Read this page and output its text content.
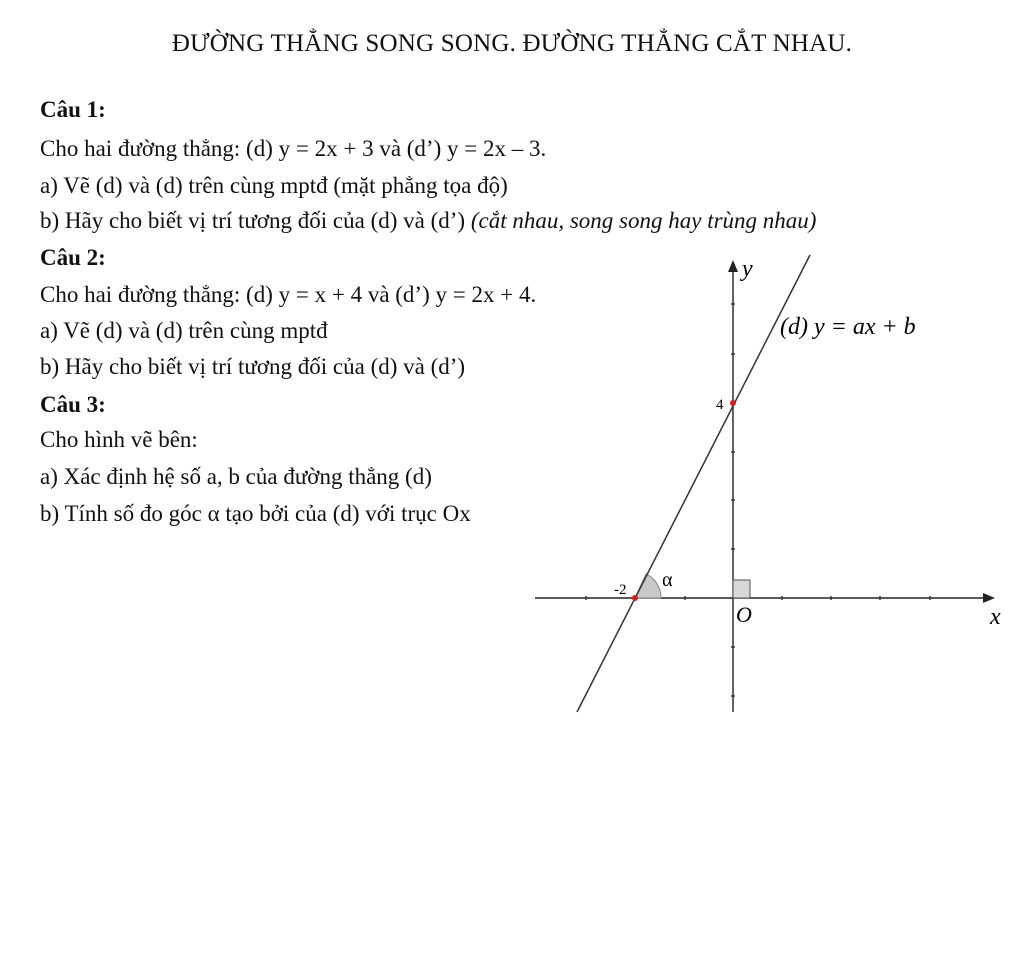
ĐƯỜNG THẲNG SONG SONG. ĐƯỜNG THẲNG CẮT NHAU.
Câu 1:
Cho hai đường thẳng: (d) y = 2x + 3 và (d’) y = 2x – 3.
a) Vẽ (d) và (d) trên cùng mptđ (mặt phẳng tọa độ)
b) Hãy cho biết vị trí tương đối của (d) và (d’) (cắt nhau, song song hay trùng nhau)
Câu 2:
Cho hai đường thẳng: (d) y = x + 4 và (d’) y = 2x + 4.
a) Vẽ (d) và (d) trên cùng mptđ
b) Hãy cho biết vị trí tương đối của (d) và (d’)
Câu 3:
Cho hình vẽ bên:
a) Xác định hệ số a, b của đường thẳng (d)
b) Tính số đo góc α tạo bởi của (d) với trục Ox
y
x
O
(d) y = ax + b
4
-2 α
